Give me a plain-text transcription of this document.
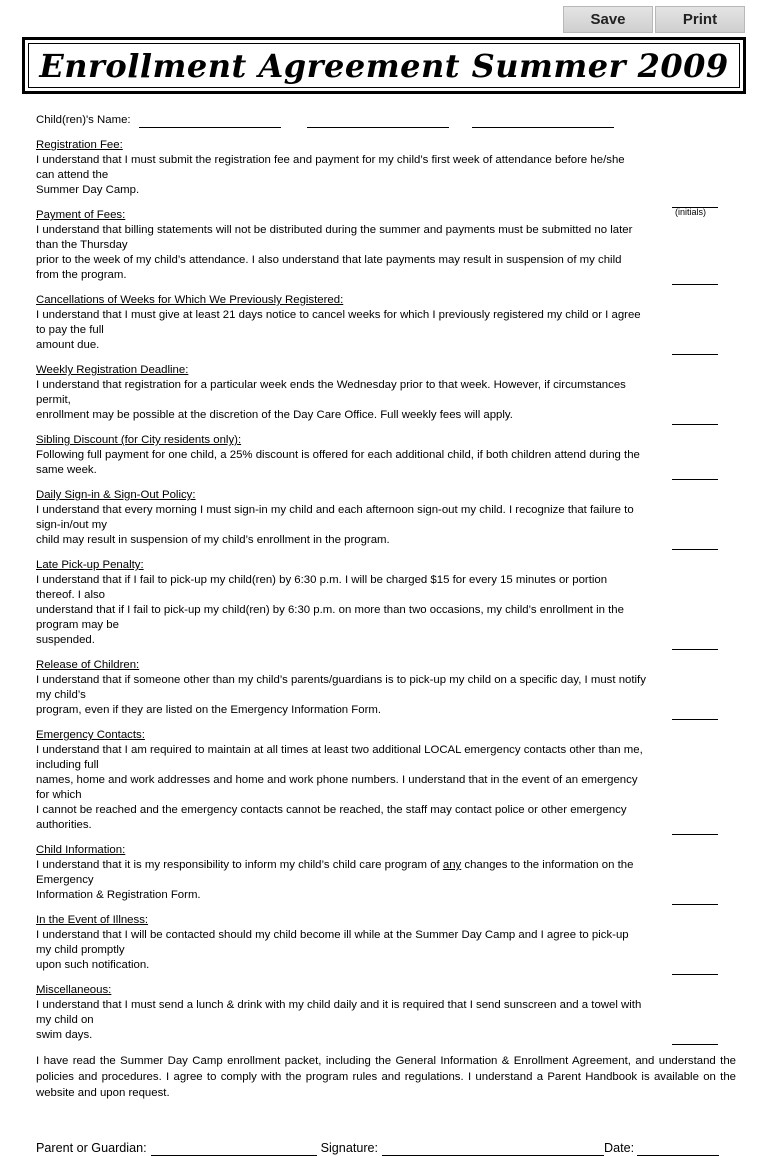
Save	Print
Enrollment Agreement Summer 2009
Child(ren)'s Name:
Registration Fee:
I understand that I must submit the registration fee and payment for my child’s first week of attendance before he/she can attend the
Summer Day Camp.
(initials)
Payment of Fees:
I understand that billing statements will not be distributed during the summer and payments must be submitted no later than the Thursday
prior to the week of my child’s attendance. I also understand that late payments may result in suspension of my child from the program.
Cancellations of Weeks for Which We Previously Registered:
I understand that I must give at least 21 days notice to cancel weeks for which I previously registered my child or I agree to pay the full
amount due.
Weekly Registration Deadline:
I understand that registration for a particular week ends the Wednesday prior to that week. However, if circumstances permit,
enrollment may be possible at the discretion of the Day Care Office. Full weekly fees will apply.
Sibling Discount (for City residents only):
Following full payment for one child, a 25% discount is offered for each additional child, if both children attend during the same week.
Daily Sign-in & Sign-Out Policy:
I understand that every morning I must sign-in my child and each afternoon sign-out my child. I recognize that failure to sign-in/out my
child may result in suspension of my child’s enrollment in the program.
Late Pick-up Penalty:
I understand that if I fail to pick-up my child(ren) by 6:30 p.m. I will be charged $15 for every 15 minutes or portion thereof. I also
understand that if I fail to pick-up my child(ren) by 6:30 p.m. on more than two occasions, my child’s enrollment in the program may be
suspended.
Release of Children:
I understand that if someone other than my child’s parents/guardians is to pick-up my child on a specific day, I must notify my child’s
program, even if they are listed on the Emergency Information Form.
Emergency Contacts:
I understand that I am required to maintain at all times at least two additional LOCAL emergency contacts other than me, including full
names, home and work addresses and home and work phone numbers. I understand that in the event of an emergency for which
I cannot be reached and the emergency contacts cannot be reached, the staff may contact police or other emergency authorities.
Child Information:
I understand that it is my responsibility to inform my child’s child care program of any changes to the information on the Emergency
Information & Registration Form.
In the Event of Illness:
I understand that I will be contacted should my child become ill while at the Summer Day Camp and I agree to pick-up my child promptly
upon such notification.
Miscellaneous:
I understand that I must send a lunch & drink with my child daily and it is required that I send sunscreen and a towel with my child on
swim days.
I have read the Summer Day Camp enrollment packet, including the General Information & Enrollment Agreement, and understand the policies and procedures. I agree to comply with the program rules and regulations. I understand a Parent Handbook is available on the website and upon request.
Parent or Guardian:	Signature:	Date:
